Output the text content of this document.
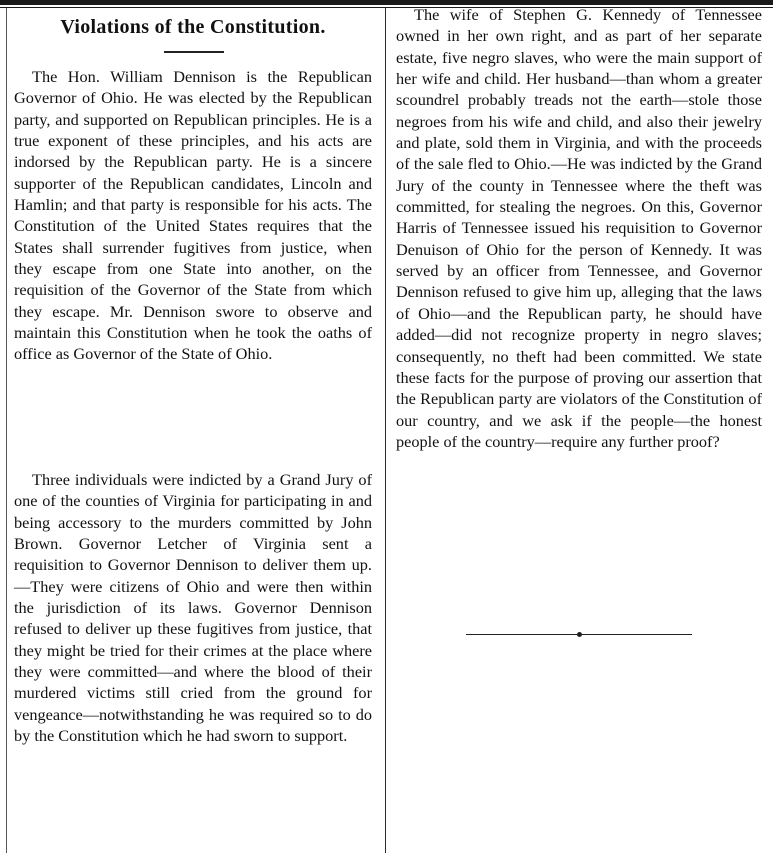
Violations of the Constitution.

The Hon. William Dennison is the Republican Governor of Ohio. He was elected by the Republican party, and supported on Republican principles. He is a true exponent of these principles, and his acts are indorsed by the Republican party. He is a sincere supporter of the Republican candidates, Lincoln and Hamlin; and that party is responsible for his acts. The Constitution of the United States requires that the States shall surrender fugitives from justice, when they escape from one State into another, on the requisition of the Governor of the State from which they escape. Mr. Dennison swore to observe and maintain this Constitution when he took the oaths of office as Governor of the State of Ohio.

Three individuals were indicted by a Grand Jury of one of the counties of Virginia for participating in and being accessory to the murders committed by John Brown. Governor Letcher of Virginia sent a requisition to Governor Dennison to deliver them up.—They were citizens of Ohio and were then within the jurisdiction of its laws. Governor Dennison refused to deliver up these fugitives from justice, that they might be tried for their crimes at the place where they were committed—and where the blood of their murdered victims still cried from the ground for vengeance—notwithstanding he was required so to do by the Constitution which he had sworn to support.

The wife of Stephen G. Kennedy of Tennessee owned in her own right, and as part of her separate estate, five negro slaves, who were the main support of her wife and child. Her husband—than whom a greater scoundrel probably treads not the earth—stole those negroes from his wife and child, and also their jewelry and plate, sold them in Virginia, and with the proceeds of the sale fled to Ohio.—He was indicted by the Grand Jury of the county in Tennessee where the theft was committed, for stealing the negroes. On this, Governor Harris of Tennessee issued his requisition to Governor Denuison of Ohio for the person of Kennedy. It was served by an officer from Tennessee, and Governor Dennison refused to give him up, alleging that the laws of Ohio—and the Republican party, he should have added—did not recognize property in negro slaves; consequently, no theft had been committed. We state these facts for the purpose of proving our assertion that the Republican party are violators of the Constitution of our country, and we ask if the people—the honest people of the country—require any further proof?
